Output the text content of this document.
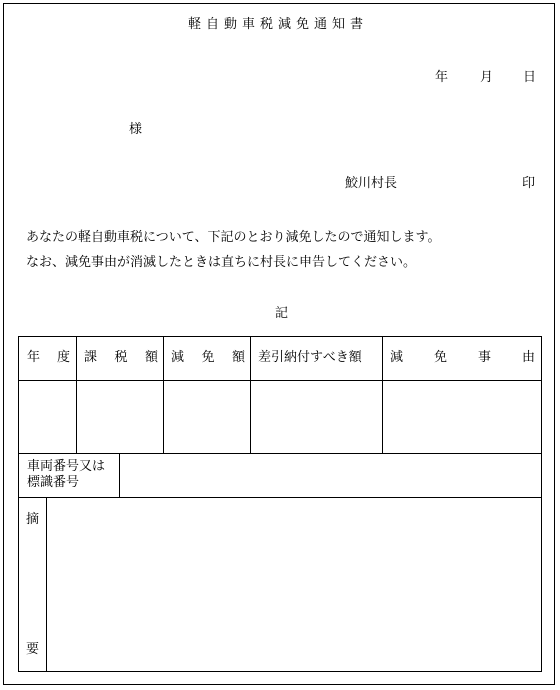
軽自動車税減免通知書
年 月 日
様
鮫川村長	印
あなたの軽自動車税について、下記のとおり減免したので通知します。
なお、減免事由が消滅したときは直ちに村長に申告してください。
記
年 度 課 税 額 減 免 額 差引納付すべき額 減 免 事 由
車両番号又は
標識番号
摘
要
